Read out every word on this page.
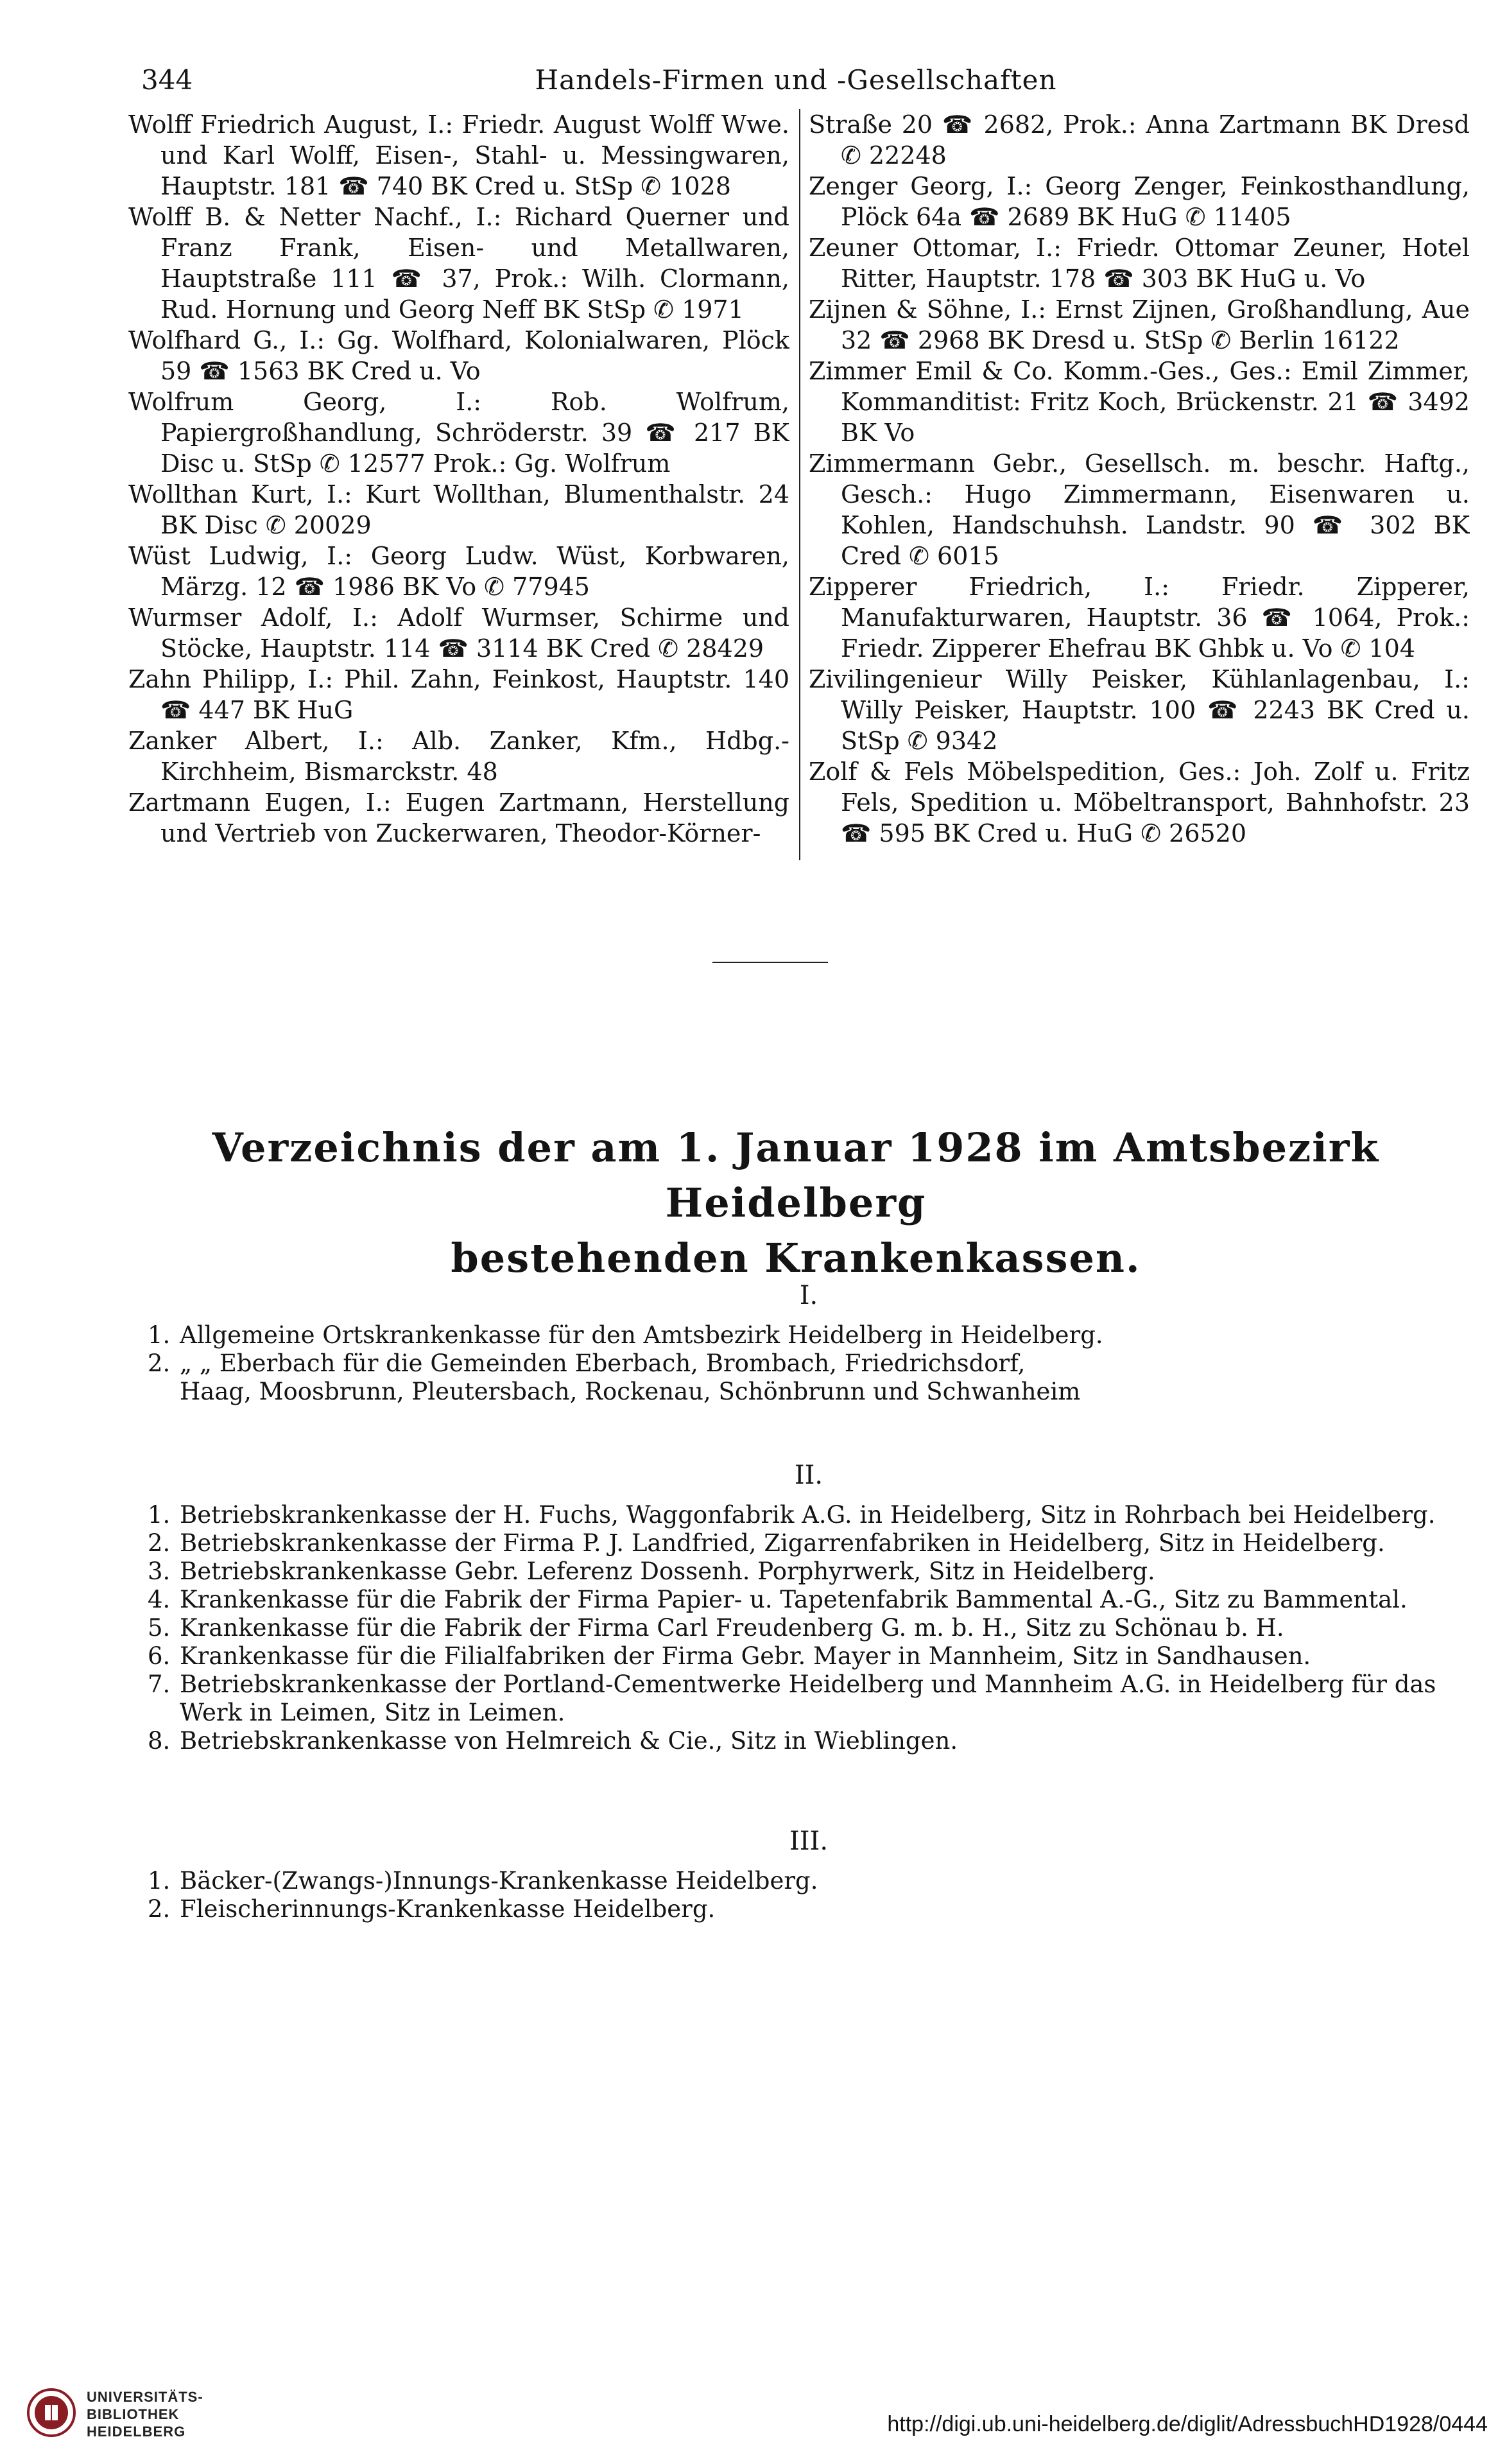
344	Handels-Firmen und -Gesellschaften

Wolff Friedrich August, I.: Friedr. August Wolff Wwe. und Karl Wolff, Eisen-, Stahl- u. Messingwaren, Hauptstr. 181 ☎ 740 BK Cred u. StSp ✆ 1028

Wolff B. & Netter Nachf., I.: Richard Querner und Franz Frank, Eisen- und Metallwaren, Hauptstraße 111 ☎ 37, Prok.: Wilh. Clormann, Rud. Hornung und Georg Neff BK StSp ✆ 1971

Wolfhard G., I.: Gg. Wolfhard, Kolonialwaren, Plöck 59 ☎ 1563 BK Cred u. Vo

Wolfrum Georg, I.: Rob. Wolfrum, Papiergroßhandlung, Schröderstr. 39 ☎ 217 BK Disc u. StSp ✆ 12577 Prok.: Gg. Wolfrum

Wollthan Kurt, I.: Kurt Wollthan, Blumenthalstr. 24 BK Disc ✆ 20029

Wüst Ludwig, I.: Georg Ludw. Wüst, Korbwaren, Märzg. 12 ☎ 1986 BK Vo ✆ 77945

Wurmser Adolf, I.: Adolf Wurmser, Schirme und Stöcke, Hauptstr. 114 ☎ 3114 BK Cred ✆ 28429

Zahn Philipp, I.: Phil. Zahn, Feinkost, Hauptstr. 140 ☎ 447 BK HuG

Zanker Albert, I.: Alb. Zanker, Kfm., Hdbg.-Kirchheim, Bismarckstr. 48

Zartmann Eugen, I.: Eugen Zartmann, Herstellung und Vertrieb von Zuckerwaren, Theodor-Körner-

Straße 20 ☎ 2682, Prok.: Anna Zartmann BK Dresd ✆ 22248

Zenger Georg, I.: Georg Zenger, Feinkosthandlung, Plöck 64a ☎ 2689 BK HuG ✆ 11405

Zeuner Ottomar, I.: Friedr. Ottomar Zeuner, Hotel Ritter, Hauptstr. 178 ☎ 303 BK HuG u. Vo

Zijnen & Söhne, I.: Ernst Zijnen, Großhandlung, Aue 32 ☎ 2968 BK Dresd u. StSp ✆ Berlin 16122

Zimmer Emil & Co. Komm.-Ges., Ges.: Emil Zimmer, Kommanditist: Fritz Koch, Brückenstr. 21 ☎ 3492 BK Vo

Zimmermann Gebr., Gesellsch. m. beschr. Haftg., Gesch.: Hugo Zimmermann, Eisenwaren u. Kohlen, Handschuhsh. Landstr. 90 ☎ 302 BK Cred ✆ 6015

Zipperer Friedrich, I.: Friedr. Zipperer, Manufakturwaren, Hauptstr. 36 ☎ 1064, Prok.: Friedr. Zipperer Ehefrau BK Ghbk u. Vo ✆ 104

Zivilingenieur Willy Peisker, Kühlanlagenbau, I.: Willy Peisker, Hauptstr. 100 ☎ 2243 BK Cred u. StSp ✆ 9342

Zolf & Fels Möbelspedition, Ges.: Joh. Zolf u. Fritz Fels, Spedition u. Möbeltransport, Bahnhofstr. 23 ☎ 595 BK Cred u. HuG ✆ 26520

Verzeichnis der am 1. Januar 1928 im Amtsbezirk Heidelberg
bestehenden Krankenkassen.
I.
1. Allgemeine Ortskrankenkasse für den Amtsbezirk Heidelberg in Heidelberg.
2. „ „ Eberbach für die Gemeinden Eberbach, Brombach, Friedrichsdorf,
Haag, Moosbrunn, Pleutersbach, Rockenau, Schönbrunn und Schwanheim
II.
1. Betriebskrankenkasse der H. Fuchs, Waggonfabrik A.G. in Heidelberg, Sitz in Rohrbach bei Heidelberg.
2. Betriebskrankenkasse der Firma P. J. Landfried, Zigarrenfabriken in Heidelberg, Sitz in Heidelberg.
3. Betriebskrankenkasse Gebr. Leferenz Dossenh. Porphyrwerk, Sitz in Heidelberg.
4. Krankenkasse für die Fabrik der Firma Papier- u. Tapetenfabrik Bammental A.-G., Sitz zu Bammental.
5. Krankenkasse für die Fabrik der Firma Carl Freudenberg G. m. b. H., Sitz zu Schönau b. H.
6. Krankenkasse für die Filialfabriken der Firma Gebr. Mayer in Mannheim, Sitz in Sandhausen.
7. Betriebskrankenkasse der Portland-Cementwerke Heidelberg und Mannheim A.G. in Heidelberg für das
Werk in Leimen, Sitz in Leimen.
8. Betriebskrankenkasse von Helmreich & Cie., Sitz in Wieblingen.
III.
1. Bäcker-(Zwangs-)Innungs-Krankenkasse Heidelberg.
2. Fleischerinnungs-Krankenkasse Heidelberg.
UNIVERSITÄTS-
BIBLIOTHEK
HEIDELBERG	http://digi.ub.uni-heidelberg.de/diglit/AdressbuchHD1928/0444
